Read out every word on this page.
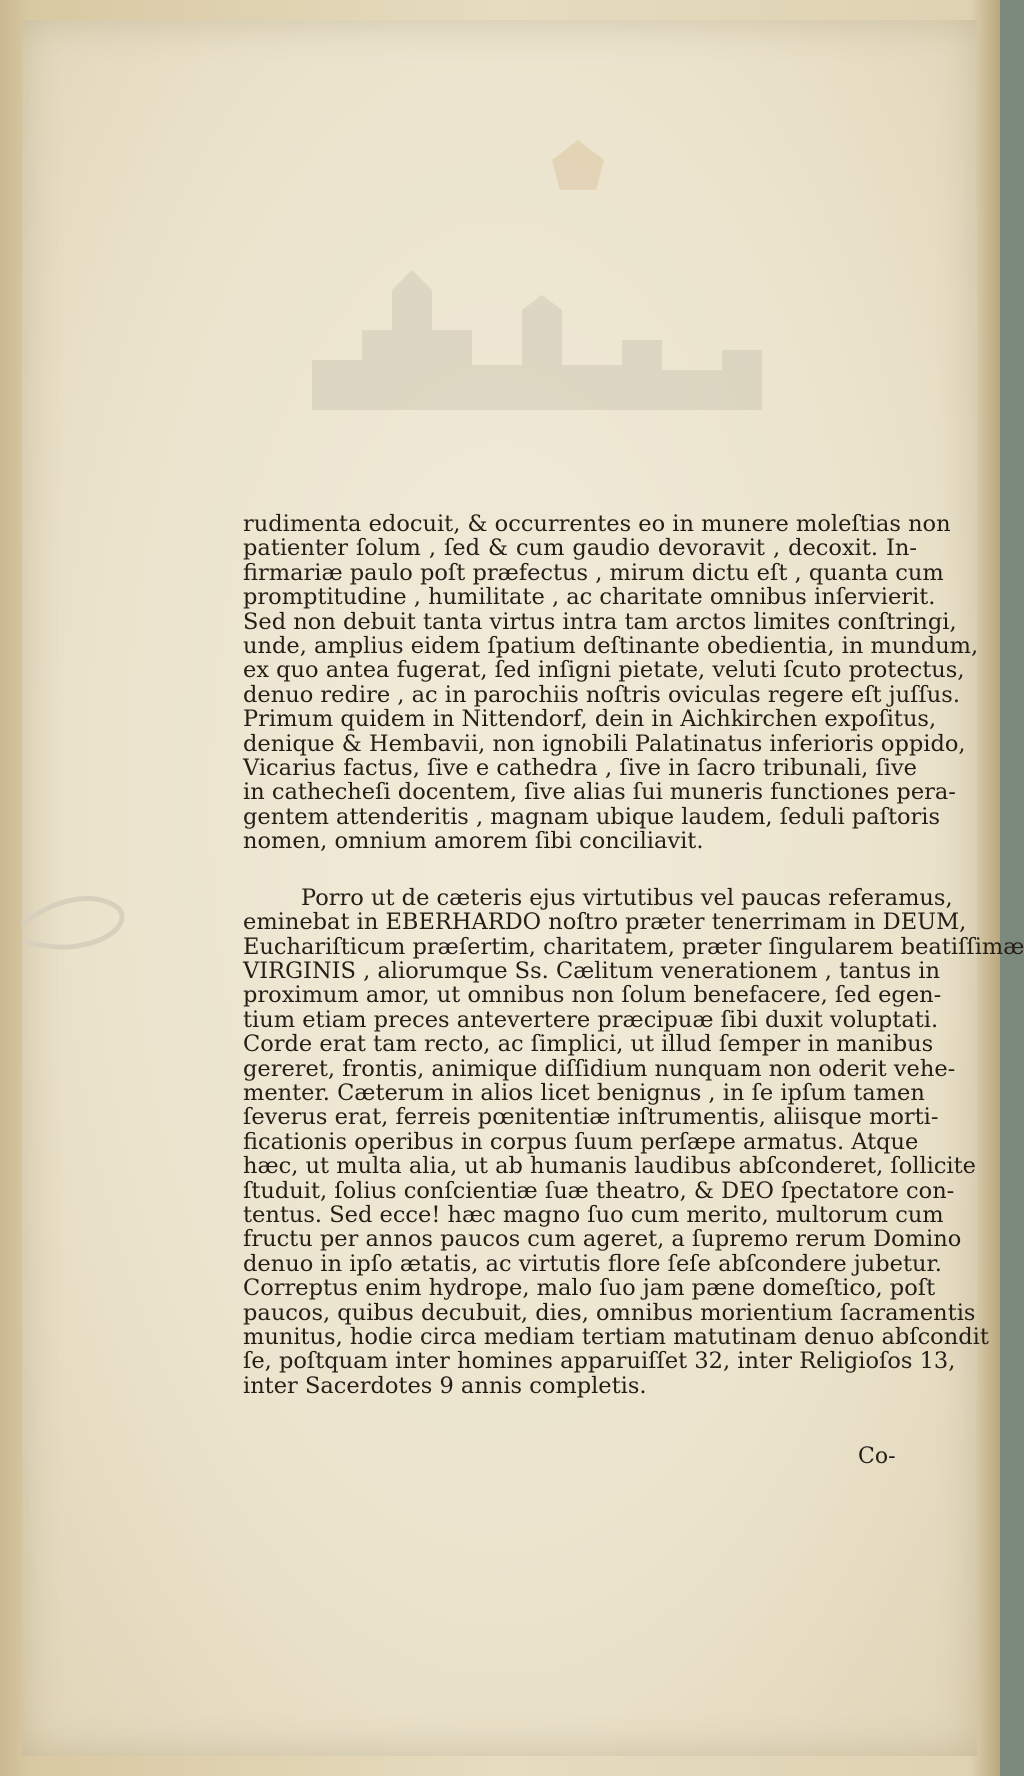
rudimenta edocuit, & occurrentes eo in munere moleſtias non
patienter ſolum , ſed & cum gaudio devoravit , decoxit. In-
firmariæ paulo poſt præfectus , mirum dictu eſt , quanta cum
promptitudine , humilitate , ac charitate omnibus inſervierit.
Sed non debuit tanta virtus intra tam arctos limites conſtringi,
unde, amplius eidem ſpatium deſtinante obedientia, in mundum,
ex quo antea fugerat, ſed inſigni pietate, veluti ſcuto protectus,
denuo redire , ac in parochiis noſtris oviculas regere eſt juſſus.
Primum quidem in Nittendorf, dein in Aichkirchen expoſitus,
denique & Hembavii, non ignobili Palatinatus inferioris oppido,
Vicarius factus, ſive e cathedra , ſive in ſacro tribunali, ſive
in cathecheſi docentem, ſive alias ſui muneris functiones pera-
gentem attenderitis , magnam ubique laudem, ſeduli paſtoris
nomen, omnium amorem ſibi conciliavit.
Porro ut de cæteris ejus virtutibus vel paucas referamus,
eminebat in EBERHARDO noſtro præter tenerrimam in DEUM,
Euchariſticum præſertim, charitatem, præter ſingularem beatiſſimæ
VIRGINIS , aliorumque Ss. Cælitum venerationem , tantus in
proximum amor, ut omnibus non ſolum benefacere, ſed egen-
tium etiam preces antevertere præcipuæ ſibi duxit voluptati.
Corde erat tam recto, ac ſimplici, ut illud ſemper in manibus
gereret, frontis, animique diſſidium nunquam non oderit vehe-
menter. Cæterum in alios licet benignus , in ſe ipſum tamen
ſeverus erat, ferreis pœnitentiæ inſtrumentis, aliisque morti-
ficationis operibus in corpus ſuum perſæpe armatus. Atque
hæc, ut multa alia, ut ab humanis laudibus abſconderet, ſollicite
ſtuduit, ſolius conſcientiæ ſuæ theatro, & DEO ſpectatore con-
tentus. Sed ecce! hæc magno ſuo cum merito, multorum cum
fructu per annos paucos cum ageret, a ſupremo rerum Domino
denuo in ipſo ætatis, ac virtutis flore ſeſe abſcondere jubetur.
Correptus enim hydrope, malo ſuo jam pæne domeſtico, poſt
paucos, quibus decubuit, dies, omnibus morientium ſacramentis
munitus, hodie circa mediam tertiam matutinam denuo abſcondit
ſe, poſtquam inter homines apparuiſſet 32, inter Religioſos 13,
inter Sacerdotes 9 annis completis.
Co-
